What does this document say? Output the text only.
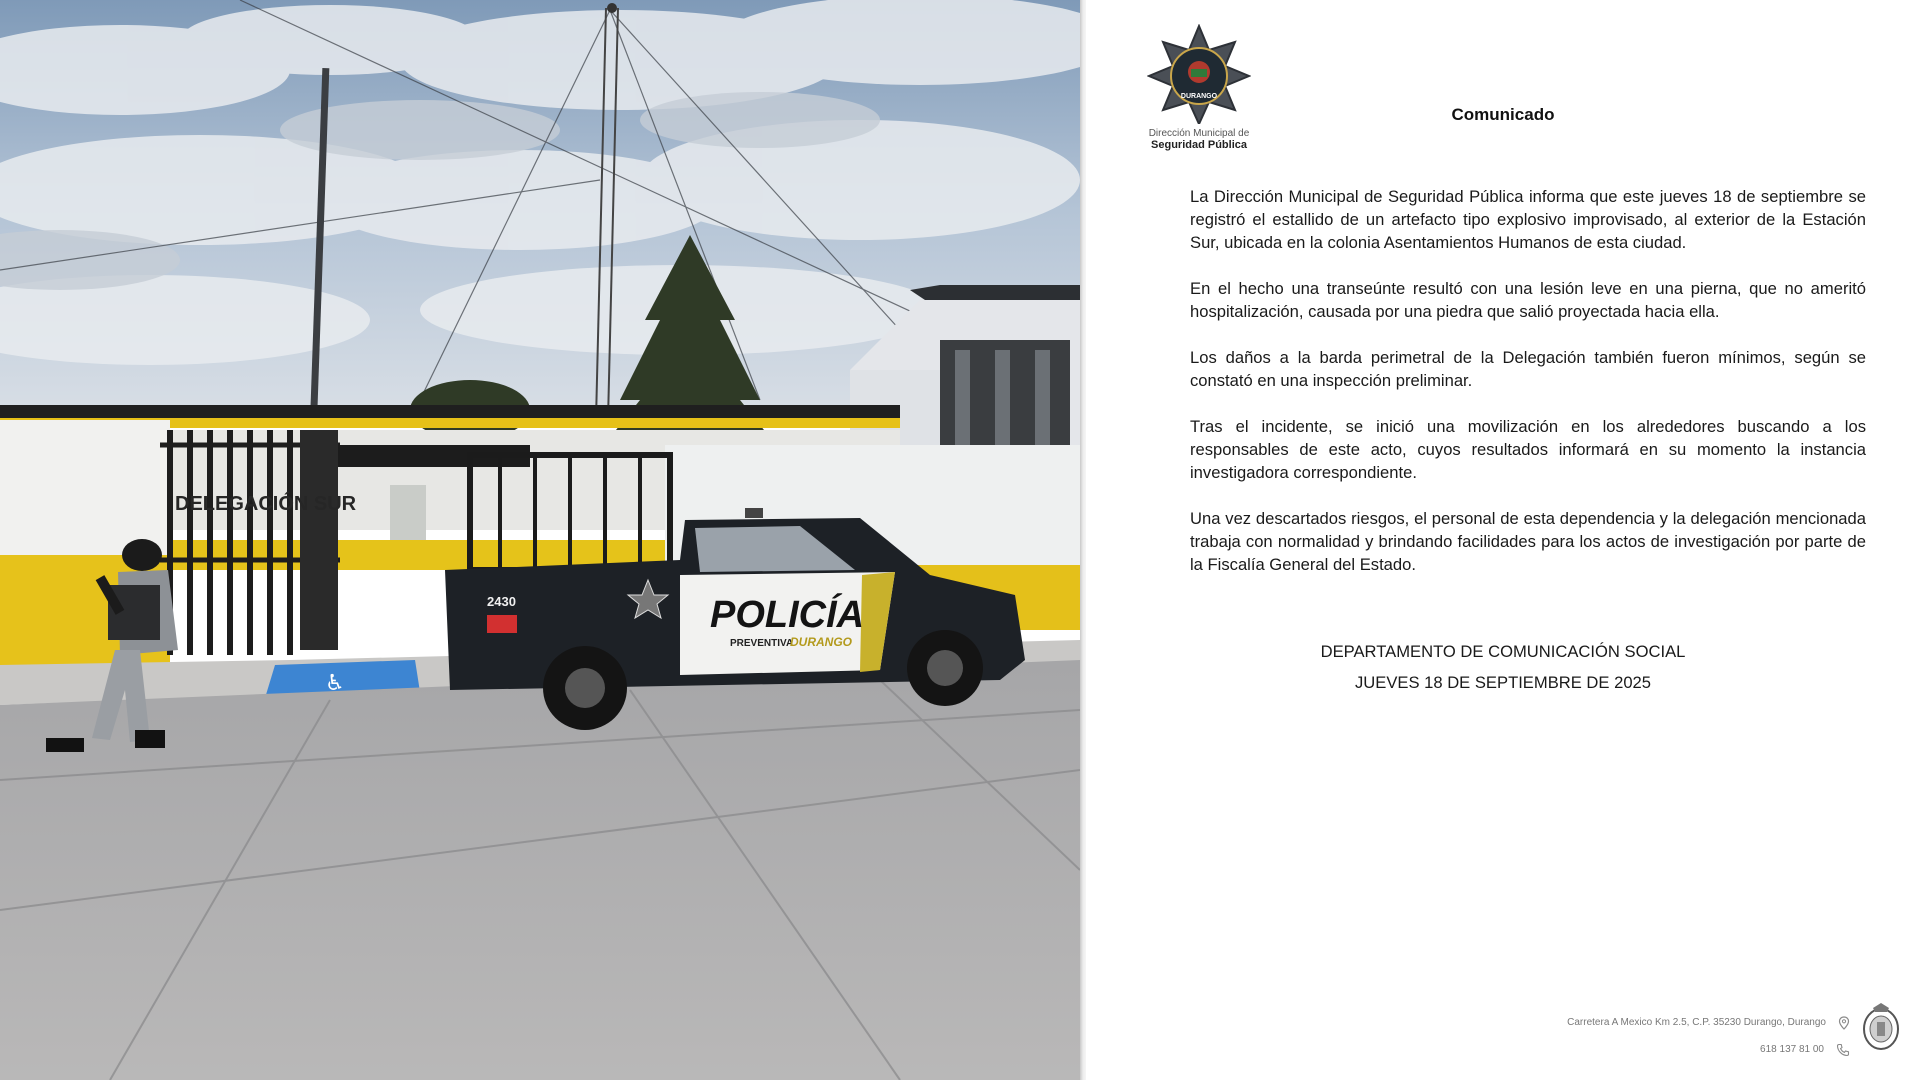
DELEGACIÓN SUR
♿
POLICÍA
PREVENTIVA
DURANGO
2430
DURANGO
Dirección Municipal de
Seguridad Pública
Comunicado

La Dirección Municipal de Seguridad Pública informa que este jueves 18 de septiembre se registró el estallido de un artefacto tipo explosivo improvisado, al exterior de la Estación Sur, ubicada en la colonia Asentamientos Humanos de esta ciudad.

En el hecho una transeúnte resultó con una lesión leve en una pierna, que no ameritó hospitalización, causada por una piedra que salió proyectada hacia ella.

Los daños a la barda perimetral de la Delegación también fueron mínimos, según se constató en una inspección preliminar.

Tras el incidente, se inició una movilización en los alrededores buscando a los responsables de este acto, cuyos resultados informará en su momento la instancia investigadora correspondiente.

Una vez descartados riesgos, el personal de esta dependencia y la delegación mencionada trabaja con normalidad y brindando facilidades para los actos de investigación por parte de la Fiscalía General del Estado.

DEPARTAMENTO DE COMUNICACIÓN SOCIAL
JUEVES 18 DE SEPTIEMBRE DE 2025
Carretera A Mexico Km 2.5, C.P. 35230 Durango, Durango
618 137 81 00
